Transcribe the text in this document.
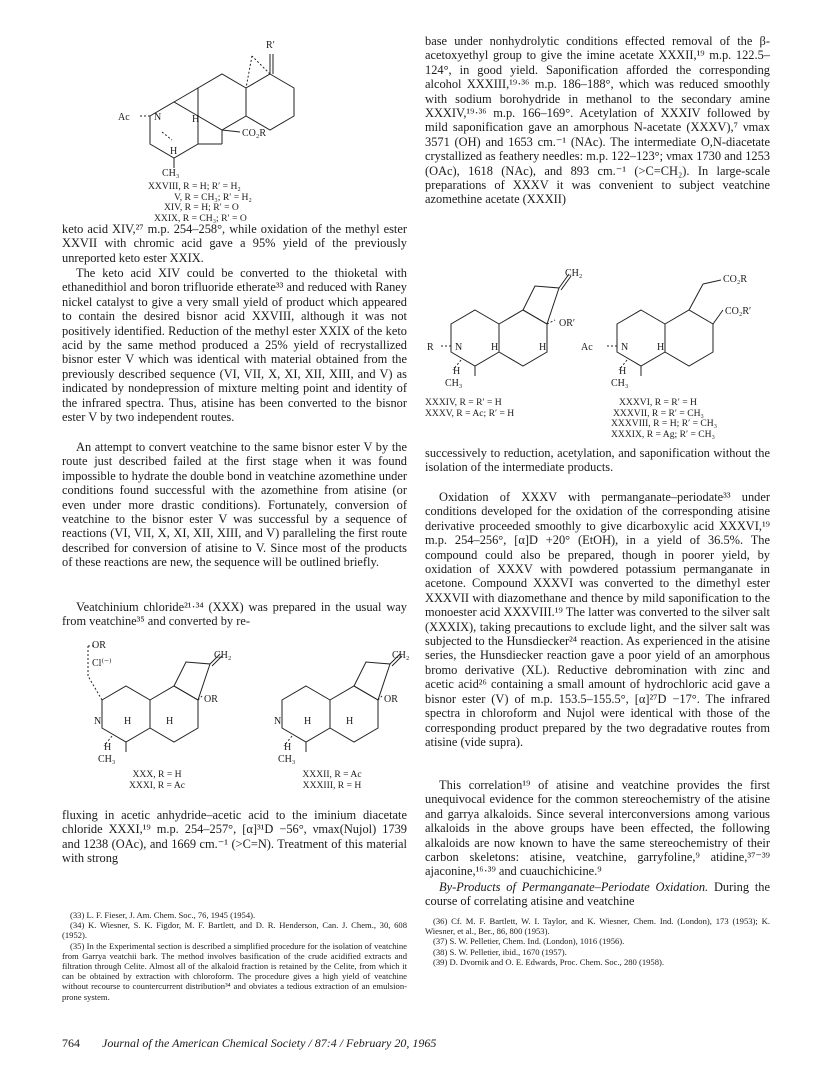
R′
Ac N	H
CO₂R
H
CH₃
XXVIII, R = H; R′ = H₂
V, R = CH₃; R′ = H₂
XIV, R = H; R′ = O
XXIX, R = CH₃; R′ = O
keto acid XIV,²⁷ m.p. 254–258°, while oxidation of the methyl ester XXVII with chromic acid gave a 95% yield of the previously unreported keto ester XXIX.
The keto acid XIV could be converted to the thioketal with ethanedithiol and boron trifluoride etherate³³ and reduced with Raney nickel catalyst to give a very small yield of product which appeared to contain the desired bisnor acid XXVIII, although it was not positively identified. Reduction of the methyl ester XXIX of the keto acid by the same method produced a 25% yield of recrystallized bisnor ester V which was identical with material obtained from the previously described sequence (VI, VII, X, XI, XII, XIII, and V) as indicated by nondepression of mixture melting point and identity of the infrared spectra. Thus, atisine has been converted to the bisnor ester V by two independent routes.
An attempt to convert veatchine to the same bisnor ester V by the route just described failed at the first stage when it was found impossible to hydrate the double bond in veatchine azomethine under conditions found successful with the azomethine from atisine (or even under more drastic conditions). Fortunately, conversion of veatchine to the bisnor ester V was successful by a sequence of reactions (VI, VII, X, XI, XII, XIII, and V) paralleling the first route described for conversion of atisine to V. Since most of the products of these reactions are new, the sequence will be outlined briefly.
Veatchinium chloride²¹·³⁴ (XXX) was prepared in the usual way from veatchine³⁵ and converted by re-
OR
Cl⁽⁻⁾
CH₂
OR
N H	H
H
CH₃
XXX, R = H
XXXI, R = Ac
CH₂
OR
N H	H
H
CH₃
XXXII, R = Ac
XXXIII, R = H
fluxing in acetic anhydride–acetic acid to the iminium diacetate chloride XXXI,¹⁹ m.p. 254–257°, [α]³¹D −56°, νmax(Nujol) 1739 and 1238 (OAc), and 1669 cm.⁻¹ (>C=N). Treatment of this material with strong

(33) L. F. Fieser, J. Am. Chem. Soc., 76, 1945 (1954).

(34) K. Wiesner, S. K. Figdor, M. F. Bartlett, and D. R. Henderson, Can. J. Chem., 30, 608 (1952).

(35) In the Experimental section is described a simplified procedure for the isolation of veatchine from Garrya veatchii bark. The method involves basification of the crude acidified extracts and filtration through Celite. Almost all of the alkaloid fraction is retained by the Celite, from which it can be obtained by extraction with chloroform. The procedure gives a high yield of veatchine without recourse to countercurrent distribution³⁴ and obviates a tedious extraction of an emulsion-prone system.

base under nonhydrolytic conditions effected removal of the β-acetoxyethyl group to give the imine acetate XXXII,¹⁹ m.p. 122.5–124°, in good yield. Saponification afforded the corresponding alcohol XXXIII,¹⁹·³⁶ m.p. 186–188°, which was reduced smoothly with sodium borohydride in methanol to the secondary amine XXXIV,¹⁹·³⁶ m.p. 166–169°. Acetylation of XXXIV followed by mild saponification gave an amorphous N-acetate (XXXV),⁷ νmax 3571 (OH) and 1653 cm.⁻¹ (NAc). The intermediate O,N-diacetate crystallized as feathery needles: m.p. 122–123°; νmax 1730 and 1253 (OAc), 1618 (NAc), and 893 cm.⁻¹ (>C=CH₂). In large-scale preparations of XXXV it was convenient to subject veatchine azomethine acetate (XXXII)
CH₂
OR′
R N	H	H
H
CH₃
XXXIV, R = R′ = H
XXXV, R = Ac; R′ = H
CO₂R
CO₂R′
Ac	N	H
H
CH₃
XXXVI, R = R′ = H
XXXVII, R = R′ = CH₃
XXXVIII, R = H; R′ = CH₃
XXXIX, R = Ag; R′ = CH₃
successively to reduction, acetylation, and saponification without the isolation of the intermediate products.
Oxidation of XXXV with permanganate–periodate³³ under conditions developed for the oxidation of the corresponding atisine derivative proceeded smoothly to give dicarboxylic acid XXXVI,¹⁹ m.p. 254–256°, [α]D +20° (EtOH), in a yield of 36.5%. The compound could also be prepared, though in poorer yield, by oxidation of XXXV with powdered potassium permanganate in acetone. Compound XXXVI was converted to the dimethyl ester XXXVII with diazomethane and thence by mild saponification to the monoester acid XXXVIII.¹⁹ The latter was converted to the silver salt (XXXIX), taking precautions to exclude light, and the silver salt was subjected to the Hunsdiecker²⁴ reaction. As experienced in the atisine series, the Hunsdiecker reaction gave a poor yield of an amorphous bromo derivative (XL). Reductive debromination with zinc and acetic acid²⁶ containing a small amount of hydrochloric acid gave a bisnor ester (V) of m.p. 153.5–155.5°, [α]²⁷D −17°. The infrared spectra in chloroform and Nujol were identical with those of the corresponding product prepared by the two degradative routes from atisine (vide supra).
This correlation¹⁹ of atisine and veatchine provides the first unequivocal evidence for the common stereochemistry of the atisine and garrya alkaloids. Since several interconversions among various alkaloids in the above groups have been effected, the following alkaloids are now known to have the same stereochemistry of their carbon skeletons: atisine, veatchine, garryfoline,⁹ atidine,³⁷⁻³⁹ ajaconine,¹⁶·³⁹ and cuauchichicine.⁹
By-Products of Permanganate–Periodate Oxidation. During the course of correlating atisine and veatchine

(36) Cf. M. F. Bartlett, W. I. Taylor, and K. Wiesner, Chem. Ind. (London), 173 (1953); K. Wiesner, et al., Ber., 86, 800 (1953).

(37) S. W. Pelletier, Chem. Ind. (London), 1016 (1956).

(38) S. W. Pelletier, ibid., 1670 (1957).

(39) D. Dvornik and O. E. Edwards, Proc. Chem. Soc., 280 (1958).

764 Journal of the American Chemical Society / 87:4 / February 20, 1965
